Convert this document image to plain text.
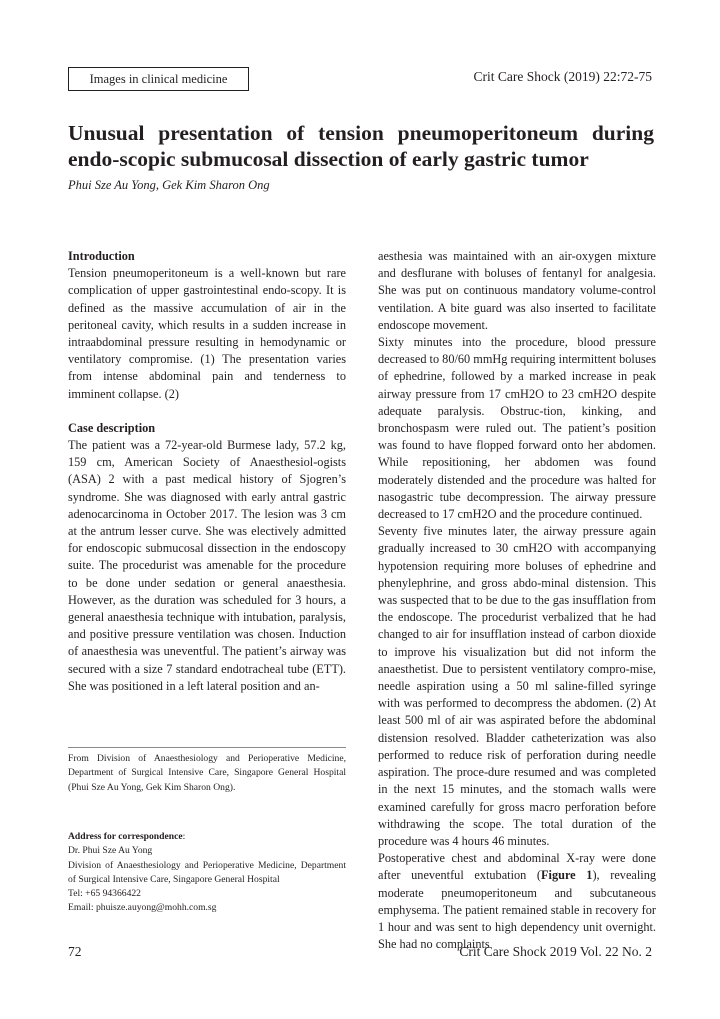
Images in clinical medicine	Crit Care Shock (2019) 22:72-75
Unusual presentation of tension pneumoperitoneum during endo-scopic submucosal dissection of early gastric tumor
Phui Sze Au Yong, Gek Kim Sharon Ong

Introduction

Tension pneumoperitoneum is a well-known but rare complication of upper gastrointestinal endo-scopy. It is defined as the massive accumulation of air in the peritoneal cavity, which results in a sudden increase in intraabdominal pressure resulting in hemodynamic or ventilatory compromise. (1) The presentation varies from intense abdominal pain and tenderness to imminent collapse. (2)

Case description

The patient was a 72-year-old Burmese lady, 57.2 kg, 159 cm, American Society of Anaesthesiol-ogists (ASA) 2 with a past medical history of Sjogren’s syndrome. She was diagnosed with early antral gastric adenocarcinoma in October 2017. The lesion was 3 cm at the antrum lesser curve. She was electively admitted for endoscopic submucosal dissection in the endoscopy suite. The procedurist was amenable for the procedure to be done under sedation or general anaesthesia. However, as the duration was scheduled for 3 hours, a general anaesthesia technique with intubation, paralysis, and positive pressure ventilation was chosen. Induction of anaesthesia was uneventful. The patient’s airway was secured with a size 7 standard endotracheal tube (ETT). She was positioned in a left lateral position and an-

aesthesia was maintained with an air-oxygen mixture and desflurane with boluses of fentanyl for analgesia. She was put on continuous mandatory volume-control ventilation. A bite guard was also inserted to facilitate endoscope movement.

Sixty minutes into the procedure, blood pressure decreased to 80/60 mmHg requiring intermittent boluses of ephedrine, followed by a marked increase in peak airway pressure from 17 cmH2O to 23 cmH2O despite adequate paralysis. Obstruc-tion, kinking, and bronchospasm were ruled out. The patient’s position was found to have flopped forward onto her abdomen. While repositioning, her abdomen was found moderately distended and the procedure was halted for nasogastric tube decompression. The airway pressure decreased to 17 cmH2O and the procedure continued.

Seventy five minutes later, the airway pressure again gradually increased to 30 cmH2O with accompanying hypotension requiring more boluses of ephedrine and phenylephrine, and gross abdo-minal distension. This was suspected that to be due to the gas insufflation from the endoscope. The procedurist verbalized that he had changed to air for insufflation instead of carbon dioxide to improve his visualization but did not inform the anaesthetist. Due to persistent ventilatory compro-mise, needle aspiration using a 50 ml saline-filled syringe with was performed to decompress the abdomen. (2) At least 500 ml of air was aspirated before the abdominal distension resolved. Bladder catheterization was also performed to reduce risk of perforation during needle aspiration. The proce-dure resumed and was completed in the next 15 minutes, and the stomach walls were examined carefully for gross macro perforation before withdrawing the scope. The total duration of the procedure was 4 hours 46 minutes.

Postoperative chest and abdominal X-ray were done after uneventful extubation (Figure 1), revealing moderate pneumoperitoneum and subcutaneous emphysema. The patient remained stable in recovery for 1 hour and was sent to high dependency unit overnight. She had no complaints

From Division of Anaesthesiology and Perioperative Medicine, Department of Surgical Intensive Care, Singapore General Hospital (Phui Sze Au Yong, Gek Kim Sharon Ong).

Address for correspondence:
Dr. Phui Sze Au Yong
Division of Anaesthesiology and Perioperative Medicine, Department of Surgical Intensive Care, Singapore General Hospital
Tel: +65 94366422
Email: phuisze.auyong@mohh.com.sg
72	Crit Care Shock 2019 Vol. 22 No. 2
